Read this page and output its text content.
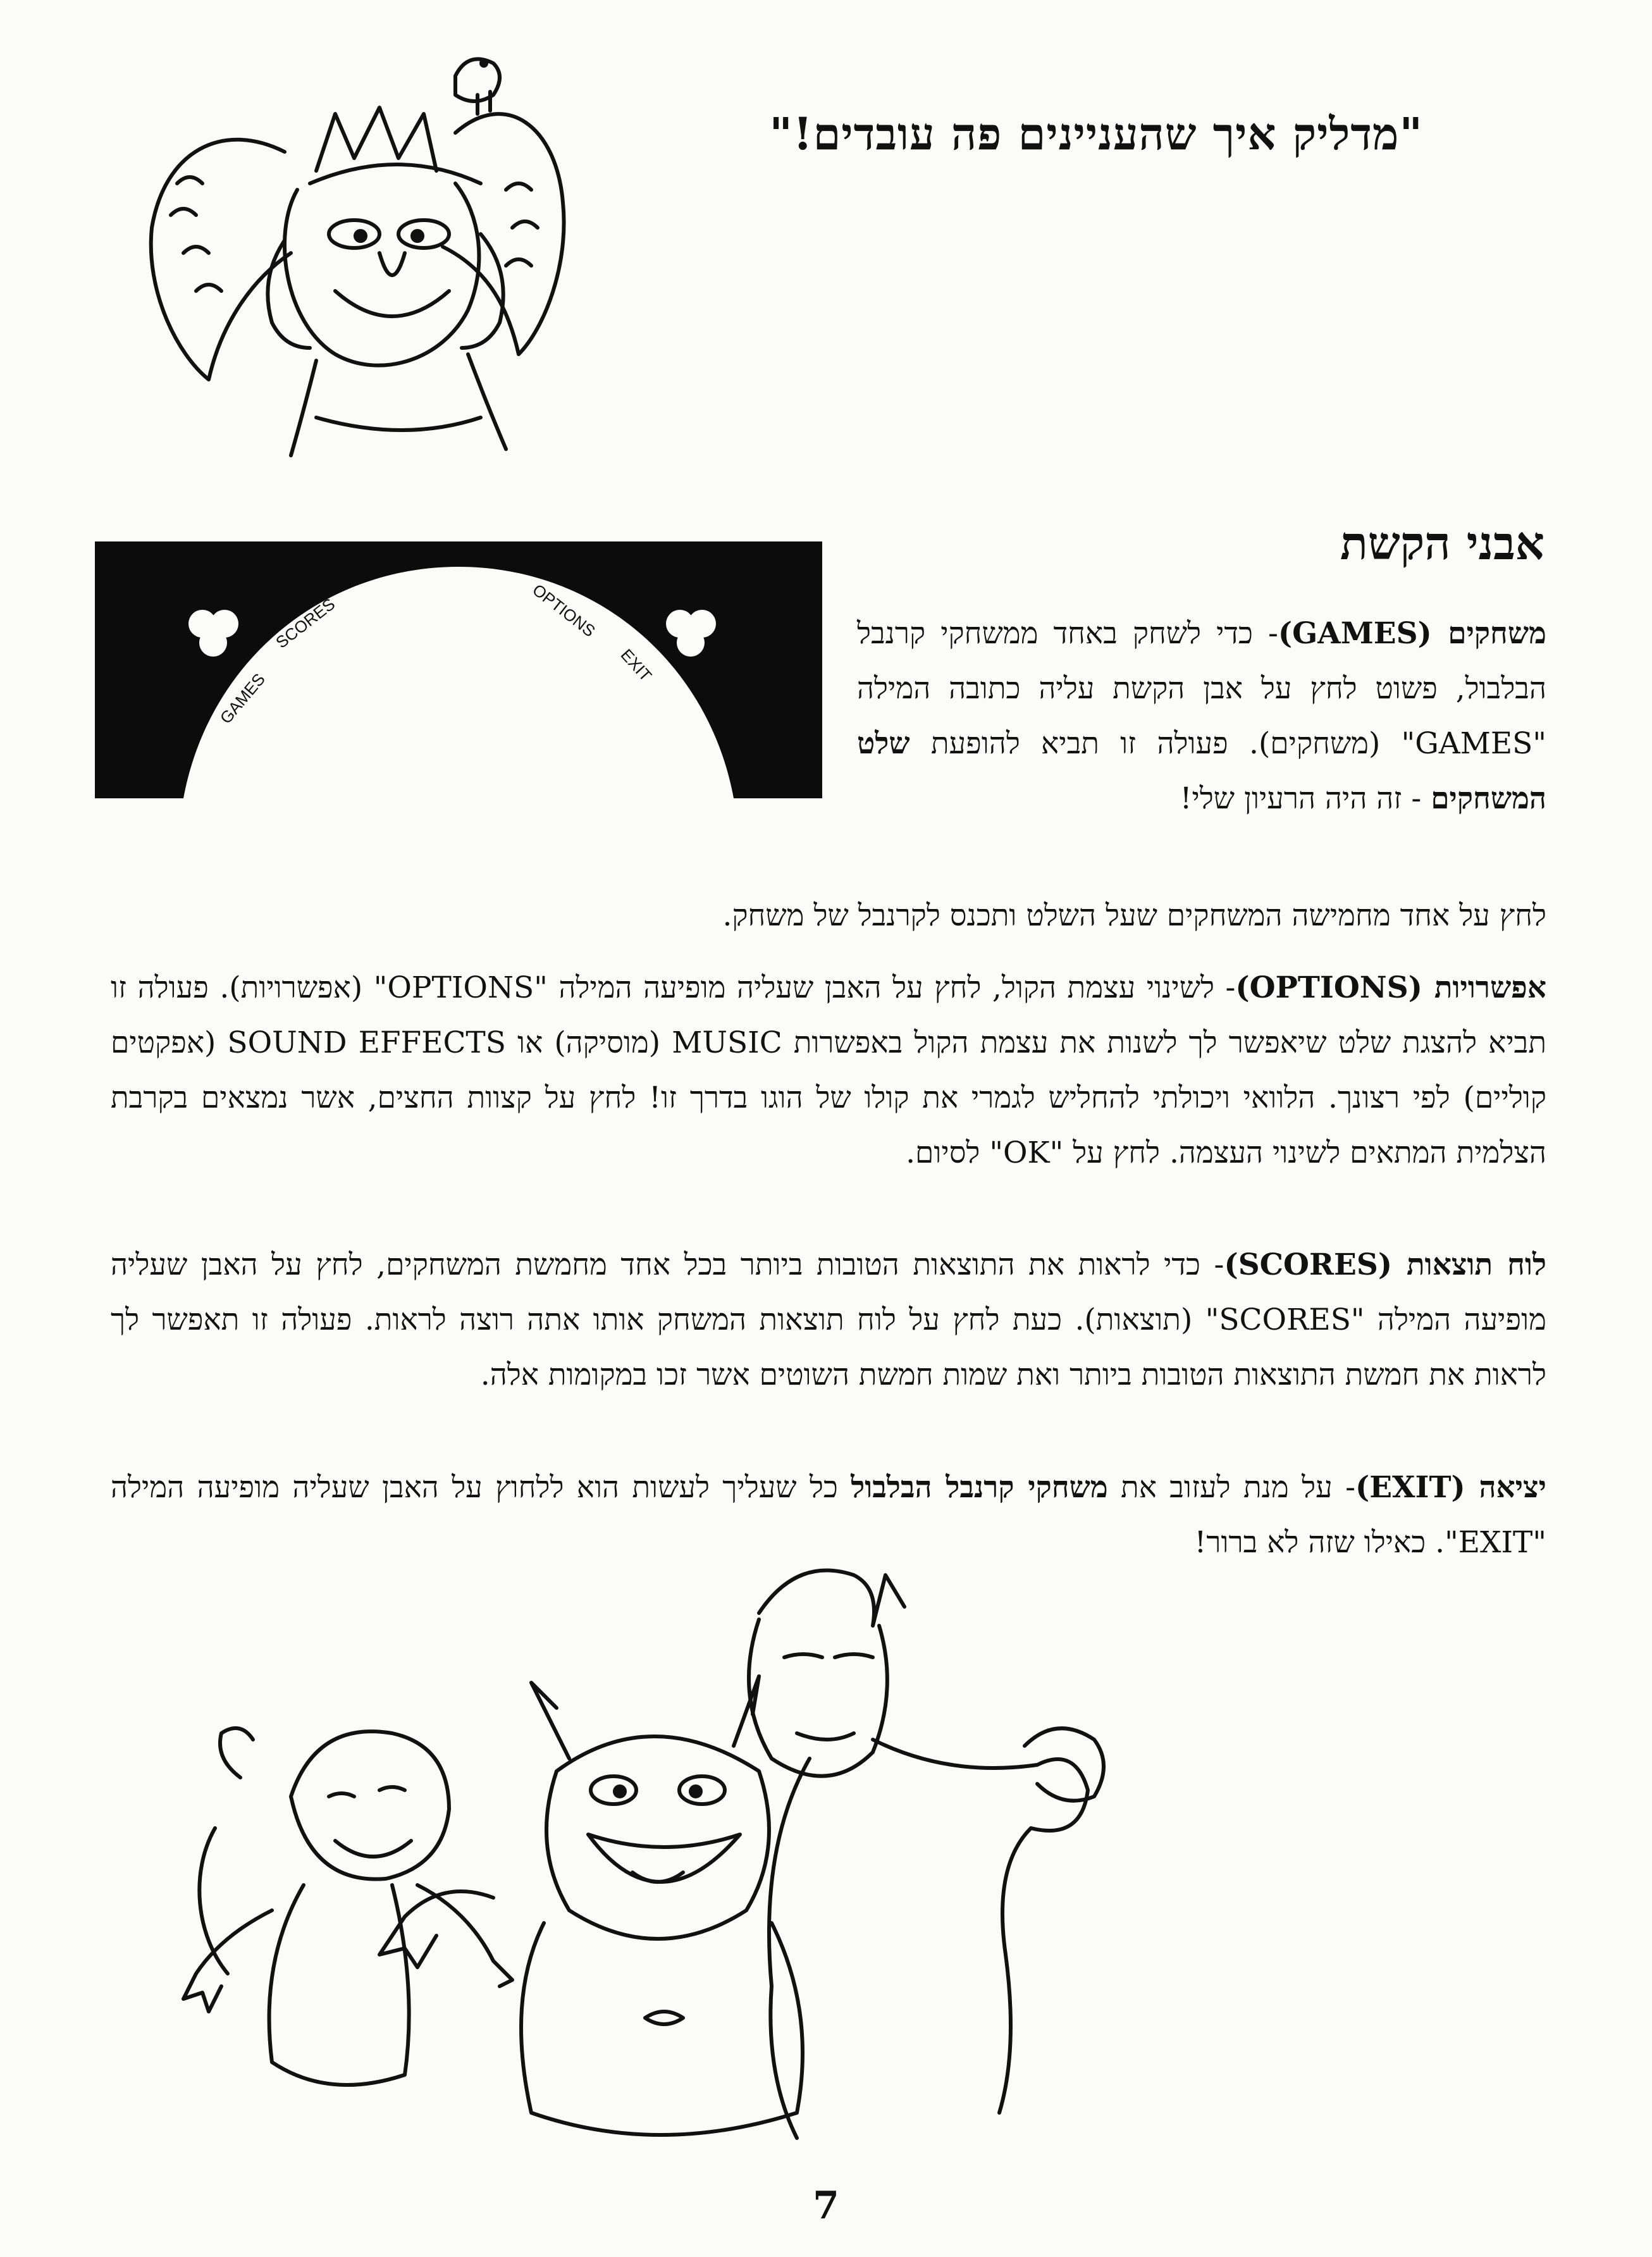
"מדליק איך שהעניינים פה עובדים!"
GAMES
SCORES	OPTIONS
EXIT
אבני הקשת
משחקים (GAMES)- כדי לשחק באחד ממשחקי קרנבל הבלבול, פשוט לחץ על אבן הקשת עליה כתובה המילה "GAMES" (משחקים). פעולה זו תביא להופעת שלט המשחקים - זה היה הרעיון שלי!
לחץ על אחד מחמישה המשחקים שעל השלט ותכנס לקרנבל של משחק.
אפשרויות (OPTIONS)- לשינוי עצמת הקול, לחץ על האבן שעליה מופיעה המילה "OPTIONS" (אפשרויות). פעולה זו תביא להצגת שלט שיאפשר לך לשנות את עצמת הקול באפשרות MUSIC (מוסיקה) או SOUND EFFECTS (אפקטים קוליים) לפי רצונך. הלוואי ויכולתי להחליש לגמרי את קולו של הוגו בדרך זו! לחץ על קצוות החצים, אשר נמצאים בקרבת הצלמית המתאים לשינוי העצמה. לחץ על "OK" לסיום.
לוח תוצאות (SCORES)- כדי לראות את התוצאות הטובות ביותר בכל אחד מחמשת המשחקים, לחץ על האבן שעליה מופיעה המילה "SCORES" (תוצאות). כעת לחץ על לוח תוצאות המשחק אותו אתה רוצה לראות. פעולה זו תאפשר לך לראות את חמשת התוצאות הטובות ביותר ואת שמות חמשת השוטים אשר זכו במקומות אלה.
יציאה (EXIT)- על מנת לעזוב את משחקי קרנבל הבלבול כל שעליך לעשות הוא ללחוץ על האבן שעליה מופיעה המילה "EXIT". כאילו שזה לא ברור!
7
